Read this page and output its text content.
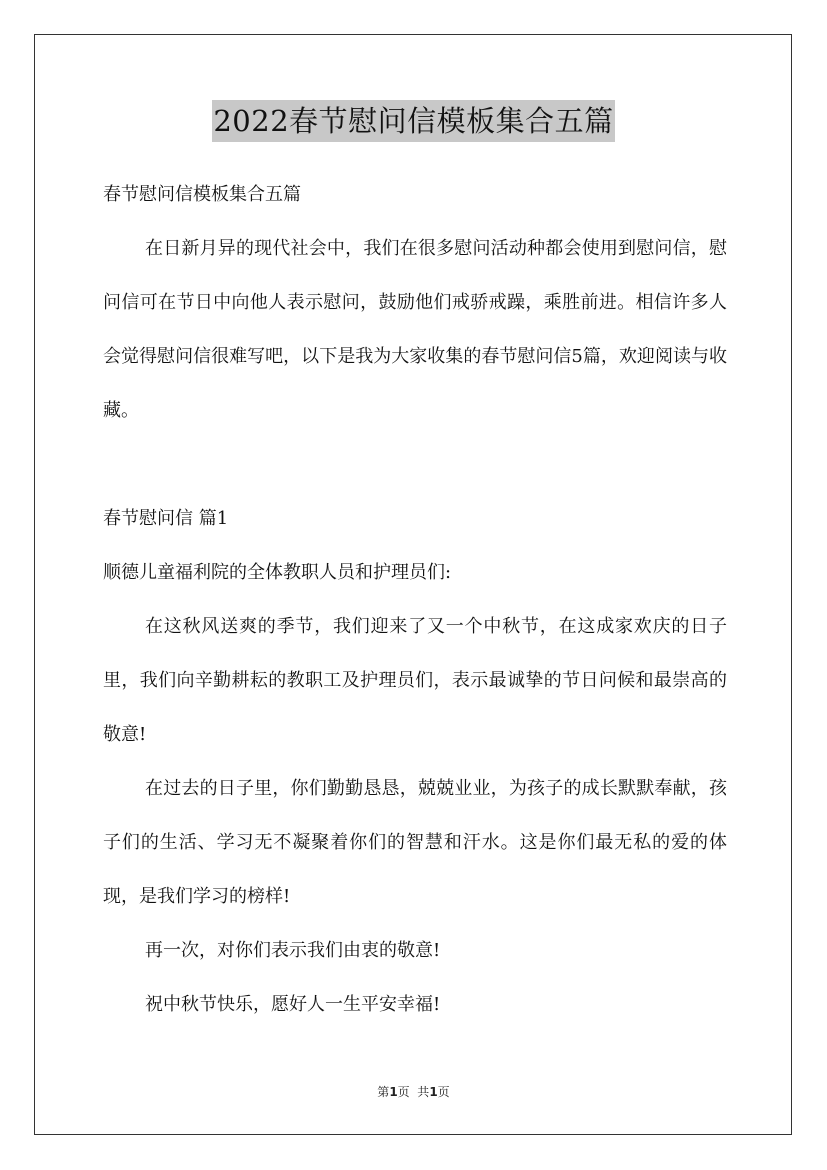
2022春节慰问信模板集合五篇

春节慰问信模板集合五篇

在日新月异的现代社会中，我们在很多慰问活动种都会使用到慰问信，慰问信可在节日中向他人表示慰问，鼓励他们戒骄戒躁，乘胜前进。相信许多人会觉得慰问信很难写吧，以下是我为大家收集的春节慰问信5篇，欢迎阅读与收藏。

春节慰问信 篇1

顺德儿童福利院的全体教职人员和护理员们:

在这秋风送爽的季节，我们迎来了又一个中秋节，在这成家欢庆的日子里，我们向辛勤耕耘的教职工及护理员们，表示最诚挚的节日问候和最崇高的敬意!

在过去的日子里，你们勤勤恳恳，兢兢业业，为孩子的成长默默奉献，孩子们的生活、学习无不凝聚着你们的智慧和汗水。这是你们最无私的爱的体现，是我们学习的榜样!

再一次，对你们表示我们由衷的敬意!

祝中秋节快乐，愿好人一生平安幸福!

第1页  共1页
